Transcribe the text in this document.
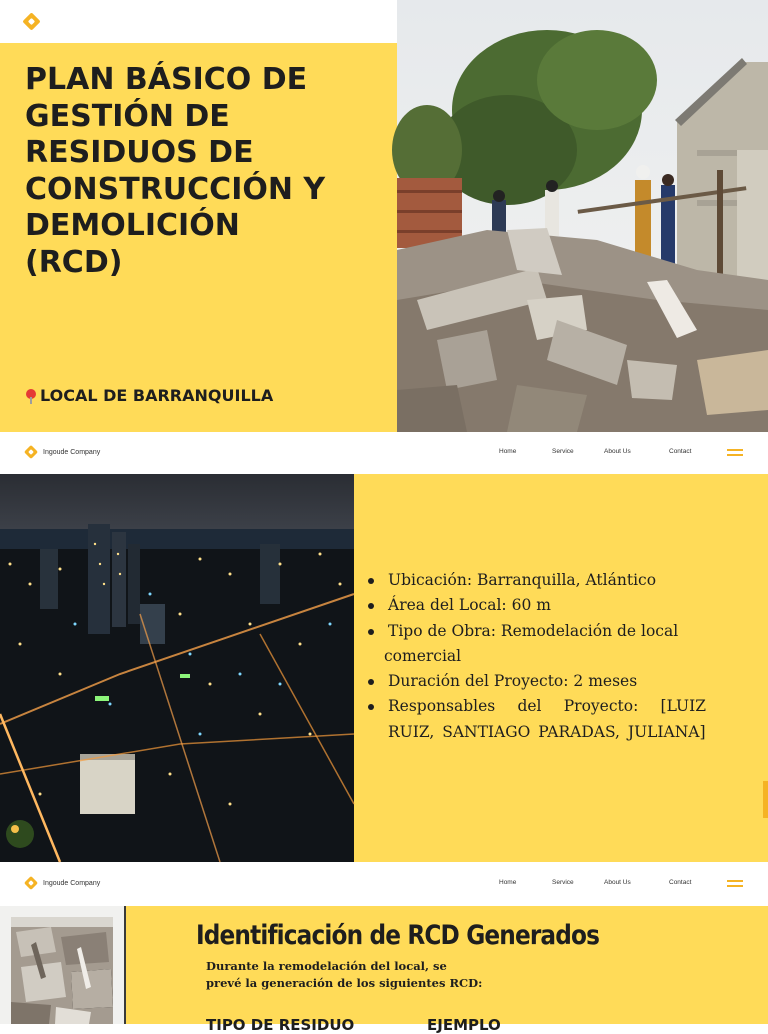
PLAN BÁSICO DE
GESTIÓN DE
RESIDUOS DE
CONSTRUCCIÓN Y
DEMOLICIÓN
(RCD)
LOCAL DE BARRANQUILLA
Ingoude Company	Home	Service	About Us	Contact
Ubicación: Barranquilla, Atlántico
Área del Local: 60 m
Tipo de Obra: Remodelación de local
comercial
Duración del Proyecto: 2 meses
Responsables del Proyecto: [LUIZ RUIZ, SANTIAGO PARADAS, JULIANA]
Ingoude Company	Home	Service	About Us	Contact
Identificación de RCD Generados

Durante la remodelación del local, se prevé la generación de los siguientes RCD:

TIPO DE RESIDUO	EJEMPLO
